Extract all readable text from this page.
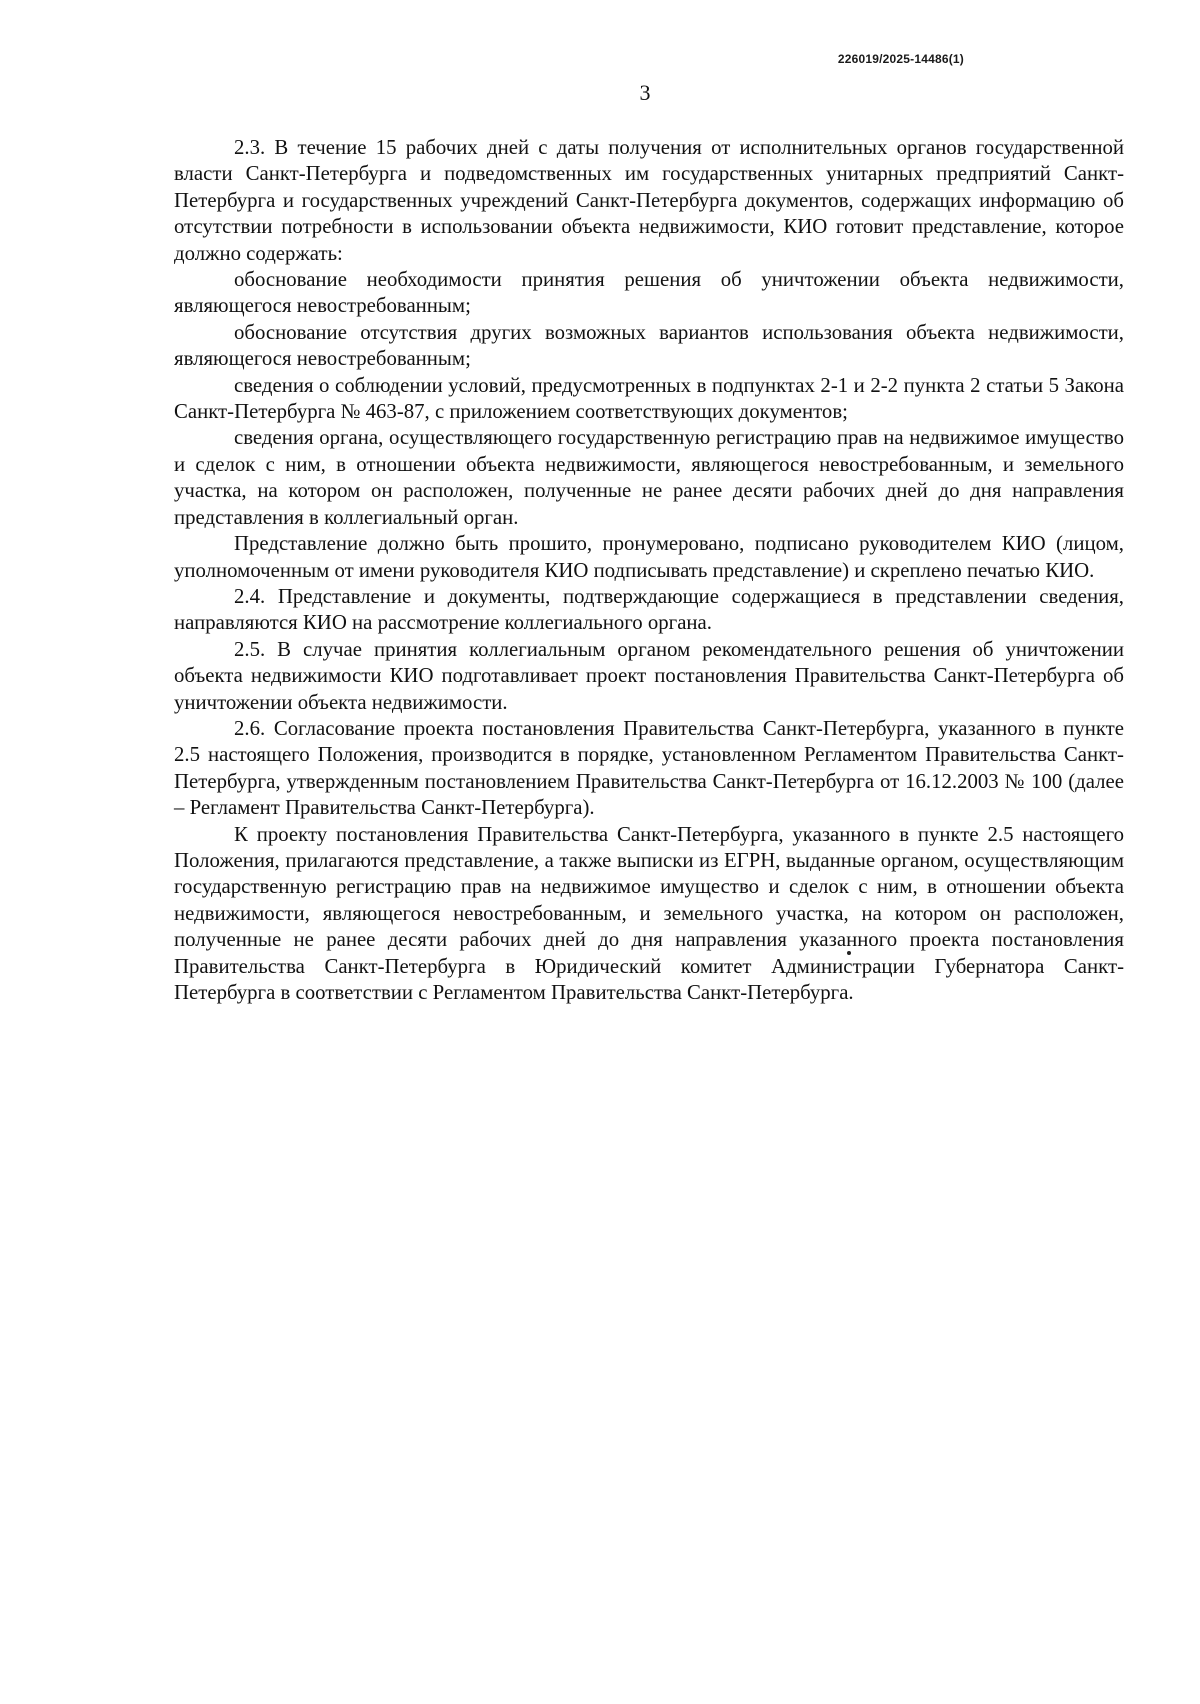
226019/2025-14486(1)
3

2.3. В течение 15 рабочих дней с даты получения от исполнительных органов государственной власти Санкт-Петербурга и подведомственных им государственных унитарных предприятий Санкт-Петербурга и государственных учреждений Санкт-Петербурга документов, содержащих информацию об отсутствии потребности в использовании объекта недвижимости, КИО готовит представление, которое должно содержать:

обоснование необходимости принятия решения об уничтожении объекта недвижимости, являющегося невостребованным;

обоснование отсутствия других возможных вариантов использования объекта недвижимости, являющегося невостребованным;

сведения о соблюдении условий, предусмотренных в подпунктах 2-1 и 2-2 пункта 2 статьи 5 Закона Санкт-Петербурга № 463-87, с приложением соответствующих документов;

сведения органа, осуществляющего государственную регистрацию прав на недвижимое имущество и сделок с ним, в отношении объекта недвижимости, являющегося невостребованным, и земельного участка, на котором он расположен, полученные не ранее десяти рабочих дней до дня направления представления в коллегиальный орган.

Представление должно быть прошито, пронумеровано, подписано руководителем КИО (лицом, уполномоченным от имени руководителя КИО подписывать представление) и скреплено печатью КИО.

2.4. Представление и документы, подтверждающие содержащиеся в представлении сведения, направляются КИО на рассмотрение коллегиального органа.

2.5. В случае принятия коллегиальным органом рекомендательного решения об уничтожении объекта недвижимости КИО подготавливает проект постановления Правительства Санкт-Петербурга об уничтожении объекта недвижимости.

2.6. Согласование проекта постановления Правительства Санкт-Петербурга, указанного в пункте 2.5 настоящего Положения, производится в порядке, установленном Регламентом Правительства Санкт-Петербурга, утвержденным постановлением Правительства Санкт-Петербурга от 16.12.2003 № 100 (далее – Регламент Правительства Санкт-Петербурга).

К проекту постановления Правительства Санкт-Петербурга, указанного в пункте 2.5 настоящего Положения, прилагаются представление, а также выписки из ЕГРН, выданные органом, осуществляющим государственную регистрацию прав на недвижимое имущество и сделок с ним, в отношении объекта недвижимости, являющегося невостребованным, и земельного участка, на котором он расположен, полученные не ранее десяти рабочих дней до дня направления указанного проекта постановления Правительства Санкт-Петербурга в Юридический комитет Администрации Губернатора Санкт-Петербурга в соответствии с Регламентом Правительства Санкт-Петербурга.
